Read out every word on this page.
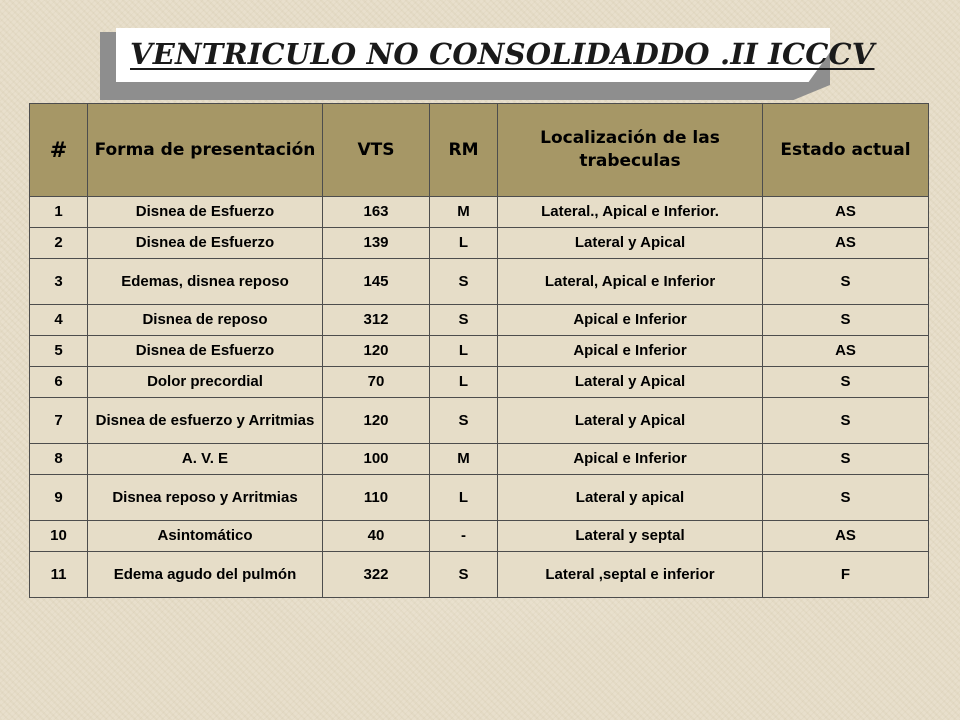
VENTRICULO NO CONSOLIDADDO .II ICCCV
#	Forma de presentación	VTS	RM	Localización de las trabeculas	Estado actual
1	Disnea de Esfuerzo	163	M	Lateral., Apical e Inferior.	AS
2	Disnea de Esfuerzo	139	L	Lateral y Apical	AS
3	Edemas, disnea reposo	145	S	Lateral, Apical e Inferior	S
4	Disnea de reposo	312	S	Apical e Inferior	S
5	Disnea de Esfuerzo	120	L	Apical e Inferior	AS
6	Dolor precordial	70	L	Lateral y Apical	S
7	Disnea de esfuerzo y Arritmias	120	S	Lateral y Apical	S
8	A. V. E	100	M	Apical e Inferior	S
9	Disnea reposo y Arritmias	110	L	Lateral y apical	S
10	Asintomático	40	-	Lateral y septal	AS
11	Edema agudo del pulmón	322	S	Lateral ,septal e inferior	F
